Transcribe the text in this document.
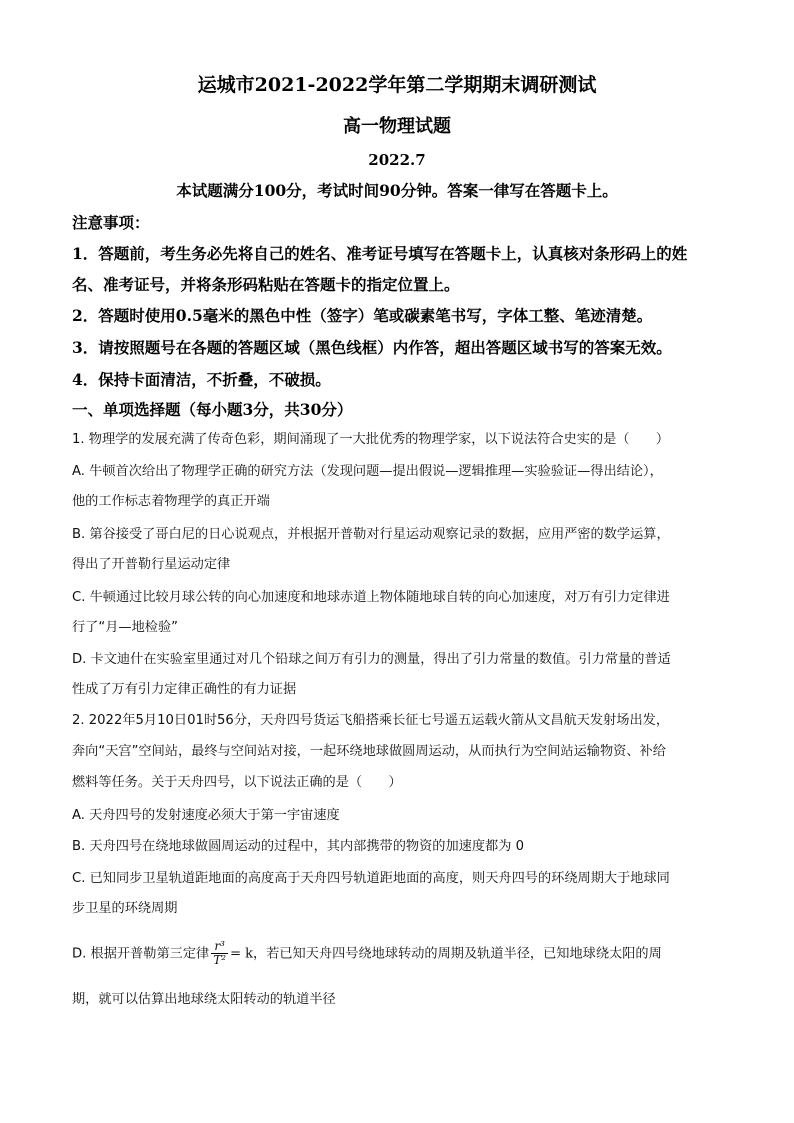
运城市2021-2022学年第二学期期末调研测试
高一物理试题
2022.7
本试题满分100分，考试时间90分钟。答案一律写在答题卡上。
注意事项：
1．答题前，考生务必先将自己的姓名、准考证号填写在答题卡上，认真核对条形码上的姓
名、准考证号，并将条形码粘贴在答题卡的指定位置上。
2．答题时使用0.5毫米的黑色中性（签字）笔或碳素笔书写，字体工整、笔迹清楚。
3．请按照题号在各题的答题区域（黑色线框）内作答，超出答题区域书写的答案无效。
4．保持卡面清洁，不折叠，不破损。
一、单项选择题（每小题3分，共30分）
1. 物理学的发展充满了传奇色彩，期间涌现了一大批优秀的物理学家，以下说法符合史实的是（　　）
A. 牛顿首次给出了物理学正确的研究方法（发现问题—提出假说—逻辑推理—实验验证—得出结论），
他的工作标志着物理学的真正开端
B. 第谷接受了哥白尼的日心说观点，并根据开普勒对行星运动观察记录的数据，应用严密的数学运算，
得出了开普勒行星运动定律
C. 牛顿通过比较月球公转的向心加速度和地球赤道上物体随地球自转的向心加速度，对万有引力定律进
行了“月—地检验”
D. 卡文迪什在实验室里通过对几个铅球之间万有引力的测量，得出了引力常量的数值。引力常量的普适
性成了万有引力定律正确性的有力证据
2. 2022年5月10日01时56分，天舟四号货运飞船搭乘长征七号遥五运载火箭从文昌航天发射场出发，
奔向“天宫”空间站，最终与空间站对接，一起环绕地球做圆周运动，从而执行为空间站运输物资、补给
燃料等任务。关于天舟四号，以下说法正确的是（　　）
A. 天舟四号的发射速度必须大于第一宇宙速度
B. 天舟四号在绕地球做圆周运动的过程中，其内部携带的物资的加速度都为 0
C. 已知同步卫星轨道距地面的高度高于天舟四号轨道距地面的高度，则天舟四号的环绕周期大于地球同
步卫星的环绕周期
D. 根据开普勒第三定律 $\frac{\text{r³}}{\text{T²}} = k$，若已知天舟四号绕地球转动的周期及轨道半径，已知地球绕太阳的周
期，就可以估算出地球绕太阳转动的轨道半径
